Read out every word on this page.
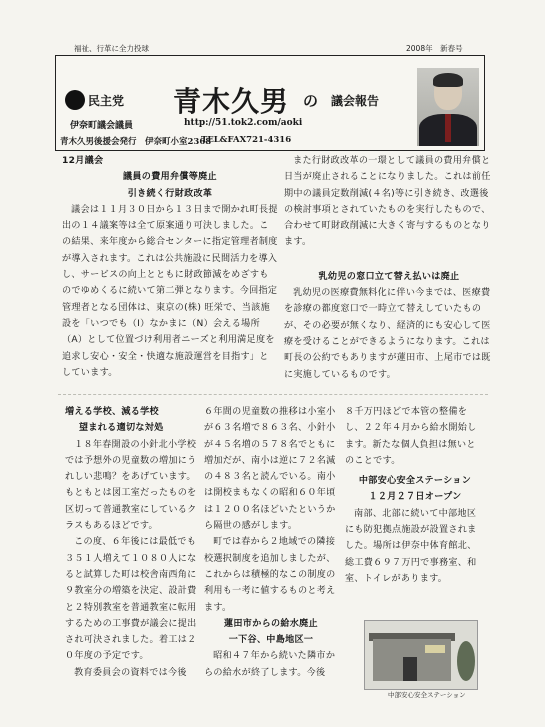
福祉、行革に全力投球	2008年　新春号
民主党 青木久男 の 議会報告
伊奈町議会議員	http://51.tok2.com/aoki
青木久男後援会発行　伊奈町小室2368
TEL&FAX721-4316

12月議会

議員の費用弁償等廃止

引き続く行財政改革

議会は１１月３０日から１３日まで開かれ町長提出の１４議案等は全て原案通り可決しました。この結果、来年度から総合センターに指定管理者制度が導入されます。これは公共施設に民間活力を導入し、サービスの向上とともに財政節減をめざすものでゆめくるに続いて第二弾となります。今回指定管理者となる団体は、東京の(株) 旺栄で、当該施設を「いつでも（I）なかまに（N）会える場所（A）として位置づけ利用者ニーズと利用満足度を追求し安心・安全・快適な施設運営を目指す」としています。

また行財政改革の一環として議員の費用弁償と日当が廃止されることになりました。これは前任期中の議員定数削減(４名)等に引き続き、改選後の検討事項とされていたものを実行したもので、合わせて町財政削減に大きく寄与するものとなります。

乳幼児の窓口立て替え払いは廃止

乳幼児の医療費無料化に伴い今までは、医療費を診療の都度窓口で一時立て替えしていたものが、その必要が無くなり、経済的にも安心して医療を受けることができるようになります。これは町長の公約でもありますが蓮田市、上尾市では既に実施しているものです。

増える学校、減る学校

望まれる適切な対処

１８年春開設の小針北小学校では予想外の児童数の増加にうれしい悲鳴？をあげています。もともとは図工室だったものを区切って普通教室にしているクラスもあるほどです。

この度、６年後には最低でも３５１人増えて１０８０人になると試算した町は校舎南西角に９教室分の増築を決定、設計費と２特別教室を普通教室に転用するための工事費が議会に提出され可決されました。着工は２０年度の予定です。

教育委員会の資料では今後

６年間の児童数の推移は小室小が６３名増で８６３名、小針小が４５名増の５７８名でともに増加だが、南小は逆に７２名減の４８３名と読んでいる。南小は開校まもなくの昭和６０年頃は１２００名ほどいたというから隔世の感がします。

町では春から２地域での隣接校選択制度を追加しましたが、これからは積極的なこの制度の利用も一考に値するものと考えます。

蓮田市からの給水廃止

一下谷、中島地区一

昭和４７年から続いた隣市からの給水が終了します。今後

８千万円ほどで本管の整備をし、２２年４月から給水開始します。新たな個人負担は無いとのことです。

中部安心安全ステーション

１２月２７日オープン

南部、北部に続いて中部地区にも防犯拠点施設が設置されました。場所は伊奈中体育館北、総工費６９７万円で事務室、和室、トイレがあります。

中部安心安全ステーション
